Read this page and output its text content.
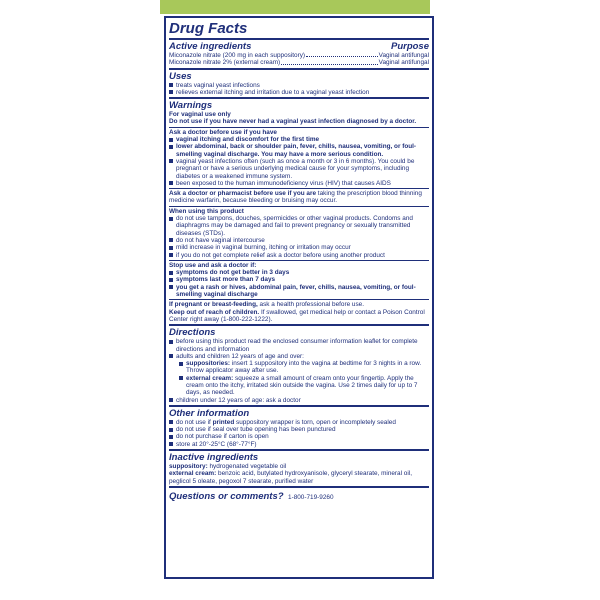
Drug Facts
Active ingredients	Purpose
Miconazole nitrate (200 mg in each suppository)	Vaginal antifungal
Miconazole nitrate 2% (external cream)	Vaginal antifungal
Uses
treats vaginal yeast infections
relieves external itching and irritation due to a vaginal yeast infection
Warnings

For vaginal use only

Do not use if you have never had a vaginal yeast infection diagnosed by a doctor.

Ask a doctor before use if you have

vaginal itching and discomfort for the first time
lower abdominal, back or shoulder pain, fever, chills, nausea, vomiting, or foul-smelling vaginal discharge. You may have a more serious condition.
vaginal yeast infections often (such as once a month or 3 in 6 months). You could be pregnant or have a serious underlying medical cause for your symptoms, including diabetes or a weakened immune system.
been exposed to the human immunodeficiency virus (HIV) that causes AIDS

Ask a doctor or pharmacist before use if you are taking the prescription blood thinning medicine warfarin, because bleeding or bruising may occur.

When using this product

do not use tampons, douches, spermicides or other vaginal products. Condoms and diaphragms may be damaged and fail to prevent pregnancy or sexually transmitted diseases (STDs).
do not have vaginal intercourse
mild increase in vaginal burning, itching or irritation may occur
if you do not get complete relief ask a doctor before using another product

Stop use and ask a doctor if:

symptoms do not get better in 3 days
symptoms last more than 7 days
you get a rash or hives, abdominal pain, fever, chills, nausea, vomiting, or foul-smelling vaginal discharge

If pregnant or breast-feeding, ask a health professional before use.

Keep out of reach of children. If swallowed, get medical help or contact a Poison Control Center right away (1-800-222-1222).

Directions
before using this product read the enclosed consumer information leaflet for complete directions and information
adults and children 12 years of age and over:
suppositories: insert 1 suppository into the vagina at bedtime for 3 nights in a row. Throw applicator away after use.
external cream: squeeze a small amount of cream onto your fingertip. Apply the cream onto the itchy, irritated skin outside the vagina. Use 2 times daily for up to 7 days, as needed.
children under 12 years of age: ask a doctor
Other information
do not use if printed suppository wrapper is torn, open or incompletely sealed
do not use if seal over tube opening has been punctured
do not purchase if carton is open
store at 20°-25°C (68°-77°F)
Inactive ingredients

suppository: hydrogenated vegetable oil

external cream: benzoic acid, butylated hydroxyanisole, glyceryl stearate, mineral oil, peglicol 5 oleate, pegoxol 7 stearate, purified water

Questions or comments? 1-800-719-9260
